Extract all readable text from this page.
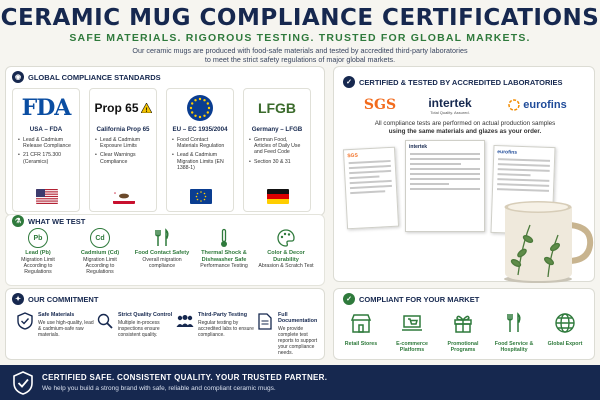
CERAMIC MUG COMPLIANCE CERTIFICATIONS
SAFE MATERIALS. RIGOROUS TESTING. TRUSTED FOR GLOBAL MARKETS.
Our ceramic mugs are produced with food-safe materials and tested by accredited third-party laboratories
to meet the strict safety regulations of major global markets.
◉ GLOBAL COMPLIANCE STANDARDS
FDA
USA – FDA
• Lead & Cadmium Release Compliance
• 21 CFR 175.300 (Ceramics)
Prop 65 !
California Prop 65
• Lead & Cadmium Exposure Limits
• Clear Warnings Compliance
EU – EC 1935/2004
• Food Contact Materials Regulation
• Lead & Cadmium Migration Limits (EN 1388-1)
LFGB
Germany – LFGB
• German Food, Articles of Daily Use and Feed Code
• Section 30 & 31
⚗ WHAT WE TEST
Pb
Lead (Pb)
Migration Limit According to Regulations
Cd
Cadmium (Cd)
Migration Limit According to Regulations
Food Contact Safety
Overall migration compliance
Thermal Shock & Dishwasher Safe
Performance Testing
Color & Decor Durability
Abrasion & Scratch Test
✦ OUR COMMITMENT
Safe Materials
We use high-quality, lead & cadmium-safe raw materials.
Strict Quality Control
Multiple in-process inspections ensure consistent quality.
Third-Party Testing
Regular testing by accredited labs to ensure compliance.
Full Documentation
We provide complete test reports to support your compliance needs.
✓ CERTIFIED & TESTED BY ACCREDITED LABORATORIES
SGS	intertek
Total Quality. Assured.
eurofins
All compliance tests are performed on actual production samples
using the same materials and glazes as your order.
SGS
intertek
eurofins
✓ COMPLIANT FOR YOUR MARKET
Retail Stores	E-commerce Platforms
Promotional Programs
Food Service & Hospitality
Global Export
CERTIFIED SAFE. CONSISTENT QUALITY. YOUR TRUSTED PARTNER.
We help you build a strong brand with safe, reliable and compliant ceramic mugs.
